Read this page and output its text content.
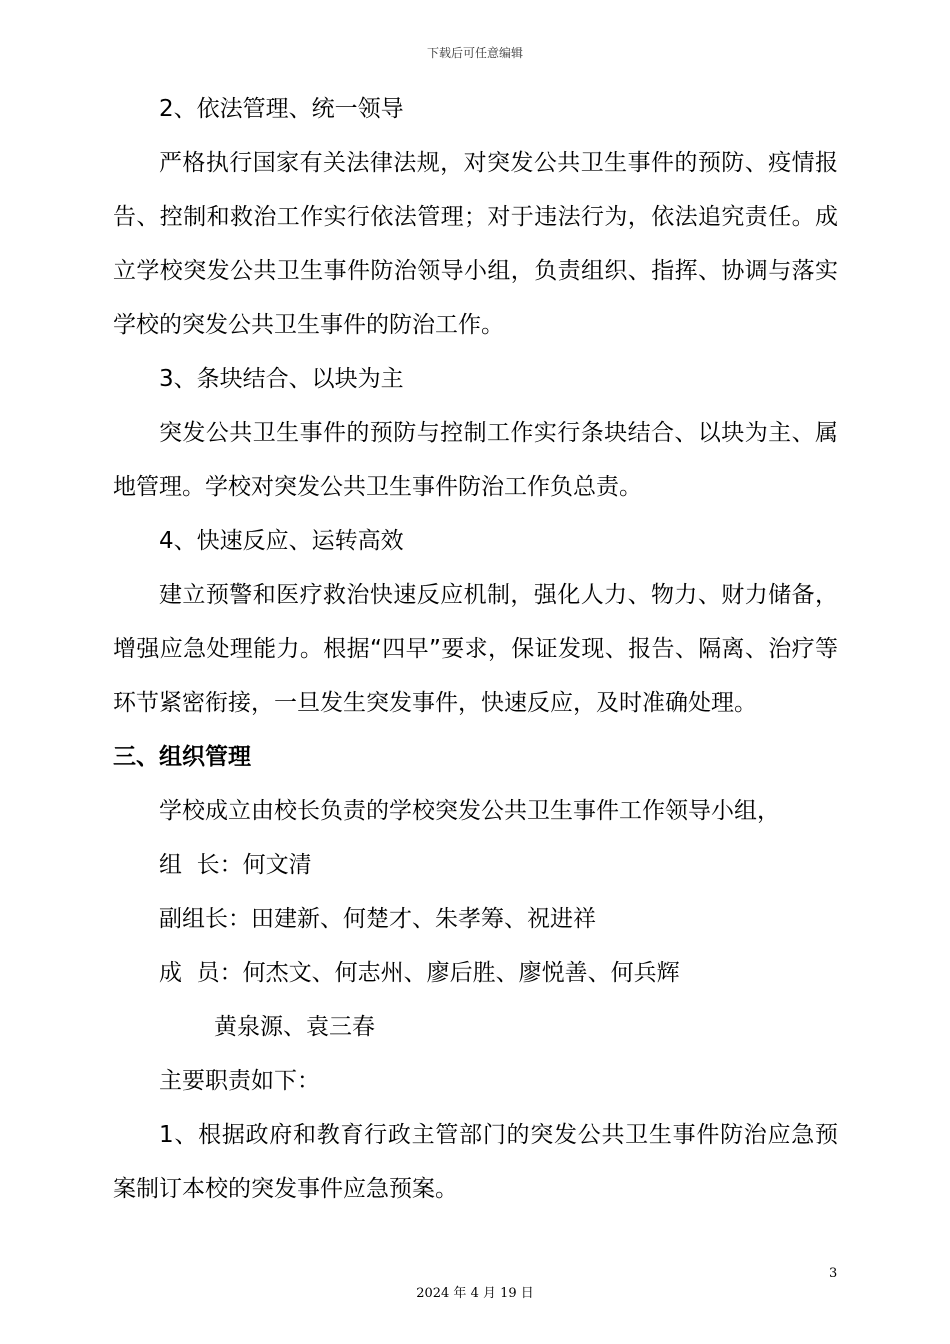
下载后可任意编辑

2、依法管理、统一领导

严格执行国家有关法律法规，对突发公共卫生事件的预防、疫情报告、控制和救治工作实行依法管理；对于违法行为，依法追究责任。成立学校突发公共卫生事件防治领导小组，负责组织、指挥、协调与落实学校的突发公共卫生事件的防治工作。

3、条块结合、以块为主

突发公共卫生事件的预防与控制工作实行条块结合、以块为主、属地管理。学校对突发公共卫生事件防治工作负总责。

4、快速反应、运转高效

建立预警和医疗救治快速反应机制，强化人力、物力、财力储备，增强应急处理能力。根据“四早”要求，保证发现、报告、隔离、治疗等环节紧密衔接，一旦发生突发事件，快速反应，及时准确处理。

三、组织管理

学校成立由校长负责的学校突发公共卫生事件工作领导小组，

组  长：何文清

副组长：田建新、何楚才、朱孝筹、祝进祥

成  员：何杰文、何志州、廖后胜、廖悦善、何兵辉

黄泉源、袁三春

主要职责如下：

1、根据政府和教育行政主管部门的突发公共卫生事件防治应急预案制订本校的突发事件应急预案。

3
2024 年 4 月 19 日
